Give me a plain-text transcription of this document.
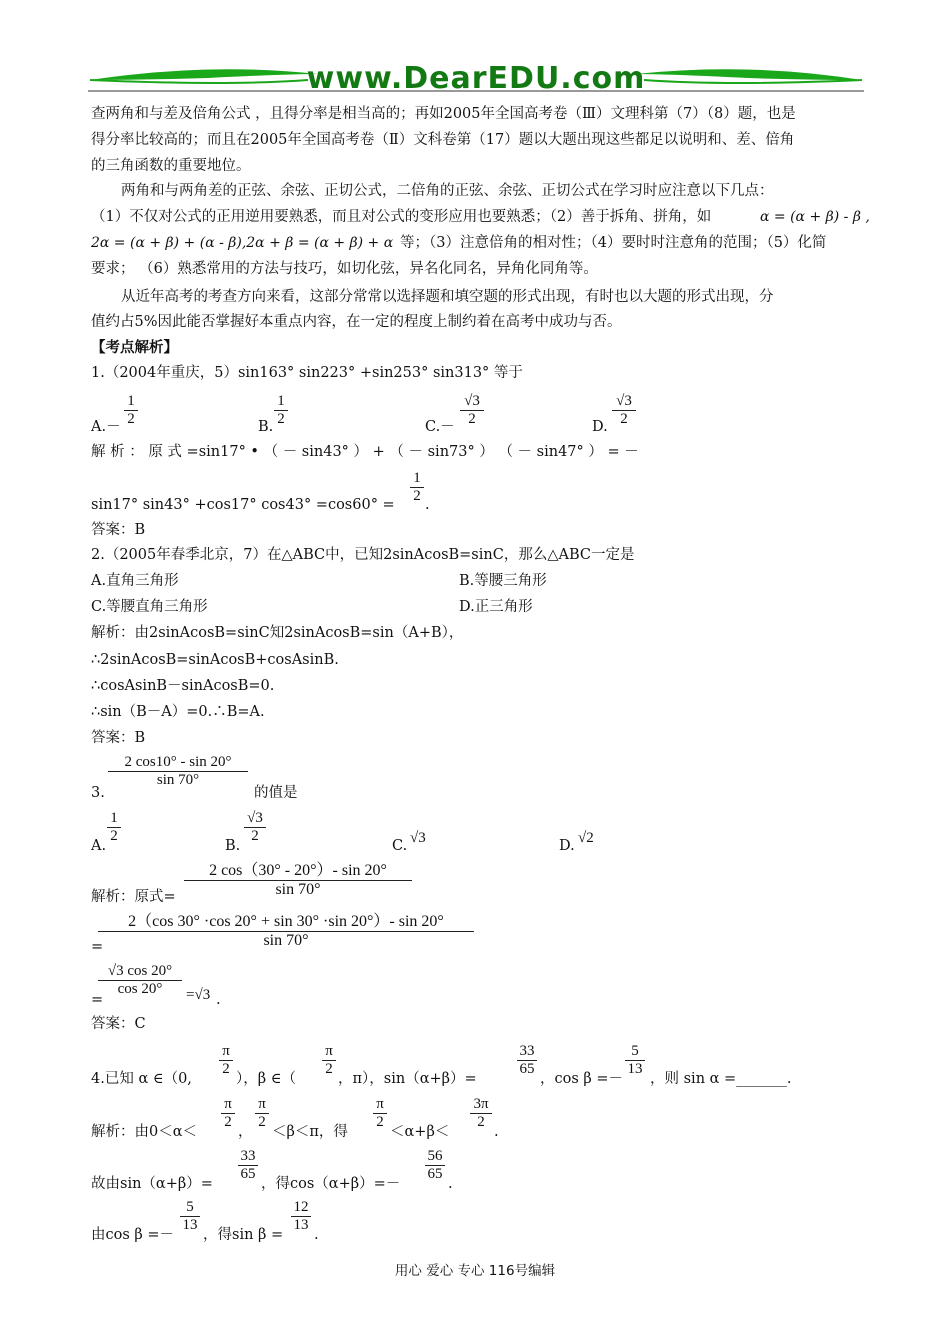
www.DearEDU.com
查两角和与差及倍角公式 ，且得分率是相当高的；再如2005年全国高考卷（Ⅲ）文理科第（7）（8）题，也是
得分率比较高的；而且在2005年全国高考卷（Ⅱ）文科卷第（17）题以大题出现这些都足以说明和、差、倍角
的三角函数的重要地位。
两角和与两角差的正弦、余弦、正切公式，二倍角的正弦、余弦、正切公式在学习时应注意以下几点：
（1）不仅对公式的正用逆用要熟悉，而且对公式的变形应用也要熟悉；（2）善于拆角、拼角，如	α = (α + β) - β ,
2α = (α + β) + (α - β),2α + β = (α + β) + α 等；（3）注意倍角的相对性；（4）要时时注意角的范围；（5）化简
要求； （6）熟悉常用的方法与技巧，如切化弦，异名化同名，异角化同角等。
从近年高考的考查方向来看，这部分常常以选择题和填空题的形式出现，有时也以大题的形式出现，分
值约占5%因此能否掌握好本重点内容，在一定的程度上制约着在高考中成功与否。
【考点解析】
1.（2004年重庆，5）sin163° sin223° +sin253° sin313° 等于
$A.- \frac{1}{2}$	B. $\frac{1}{2}$	$C.- \frac{√3}{2}$	D. $\frac{√3}{2}$
解 析 ： 原 式 =sin17° • （ － sin43° ） + （ － sin73° ） （ － sin47° ） = －
sin17° sin43° +cos17° $\cos 43^\circ =\cos 60^\circ = \frac{1}{2}$ .
答案：B
2.（2005年春季北京，7）在△ABC中，已知2sinAcosB=sinC，那么△ABC一定是
A.直角三角形	B.等腰三角形
C.等腰直角三角形	D.正三角形
解析：由2sinAcosB=sinC知2sinAcosB=sin（A+B），
∴2sinAcosB=sinAcosB+cosAsinB.
∴cosAsinB－sinAcosB=0.
∴sin（B－A）=0.∴B=A.
答案：B
3.
$\frac{2 \cos 10^\circ - \sin 20^\circ}{\sin 70^\circ}$
的值是
A.
$\frac{1}{2}$
B.
$\frac{√3}{2}$
C. √3	D. √2
解析：原式= $\frac{2 \cos(30^\circ - 20^\circ)- \sin 20^\circ}{\sin 70^\circ}$
=
$\frac{2(\cos 30^\circ \cdot\cos 20^\circ + \sin 30^\circ \cdot\sin 20^\circ)- \sin 20^\circ}{\sin 70^\circ}$
=
$\frac{√3 \cos 20^\circ}{\cos 20^\circ} =√3$ .
答案：C
4.已知 α ∈（0,
$\frac{\pi}{2}$
），β ∈（
$\frac{\pi}{2}$
，π），sin（α+β）=
$\frac{33}{65}$
，cos β =－
$\frac{5}{13}$
，则 sin α =_______.
解析：由0＜α＜
$\frac{\pi}{2}$
，
$\frac{\pi}{2}$
＜β＜π，得
$\frac{\pi}{2}$
＜α+β＜
$\frac{3\pi}{2}$
.
故由sin（α+β）=
$\frac{33}{65}$
，得cos（α+β）=－
$\frac{56}{65}$
.
由cos β =－
$\frac{5}{13}$
，得sin β =
$\frac{12}{13}$
.
用心 爱心 专心 116号编辑
